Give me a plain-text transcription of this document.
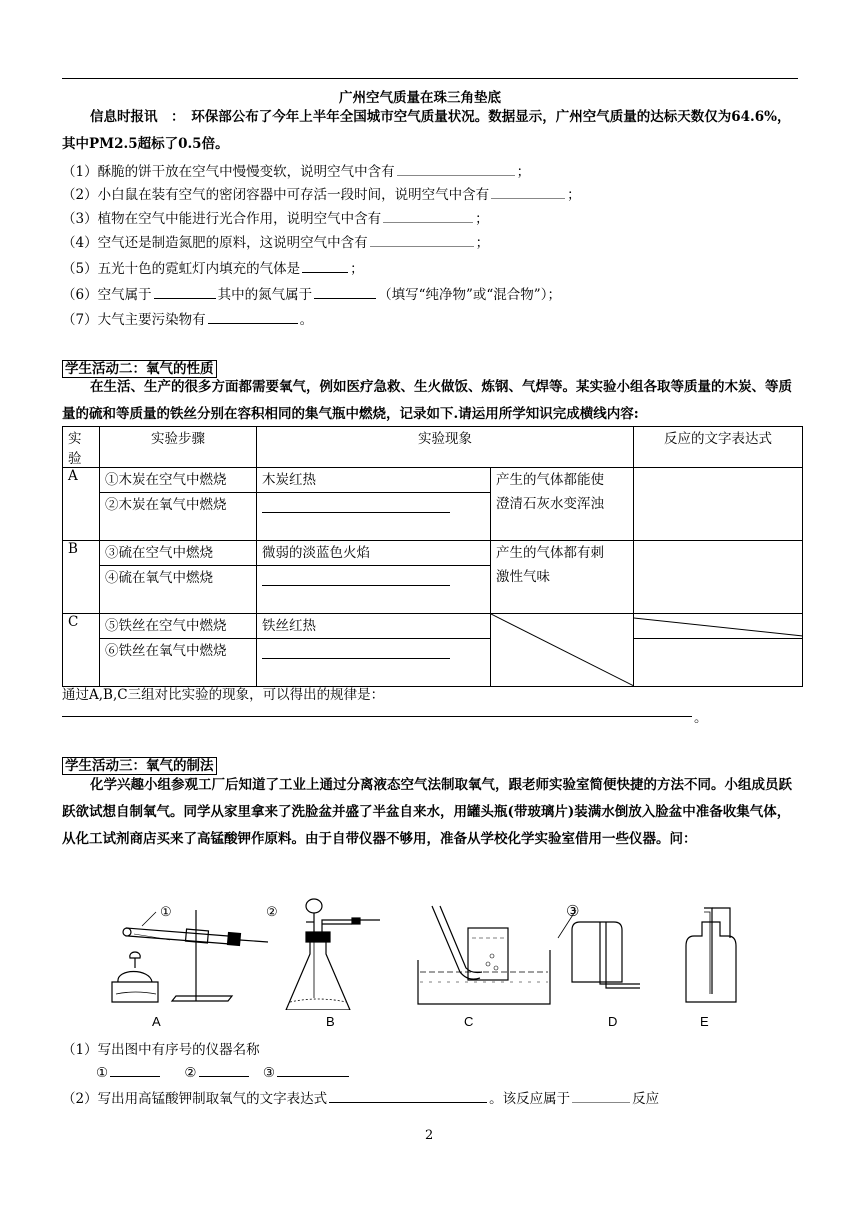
广州空气质量在珠三角垫底
信息时报讯　：　环保部公布了今年上半年全国城市空气质量状况。数据显示，广州空气质量的达标天数仅为64.6%，其中PM2.5超标了0.5倍。
（1）酥脆的饼干放在空气中慢慢变软，说明空气中含有	；
（2）小白鼠在装有空气的密闭容器中可存活一段时间，说明空气中含有	；
（3）植物在空气中能进行光合作用，说明空气中含有	；
（4）空气还是制造氮肥的原料，这说明空气中含有	；
（5）五光十色的霓虹灯内填充的气体是	；
（6）空气属于	其中的氮气属于	（填写“纯净物”或“混合物”）；
（7）大气主要污染物有	。
学生活动二：氧气的性质
在生活、生产的很多方面都需要氧气，例如医疗急救、生火做饭、炼钢、气焊等。某实验小组各取等质量的木炭、等质量的硫和等质量的铁丝分别在容积相同的集气瓶中燃烧，记录如下.请运用所学知识完成横线内容:
实验	实验步骤	实验现象		反应的文字表达式
A	①木炭在空气中燃烧	木炭红热	产生的气体都能使
澄清石灰水变浑浊	
	②木炭在氧气中燃烧			
B	③硫在空气中燃烧	微弱的淡蓝色火焰	产生的气体都有刺
激性气味	
	④硫在氧气中燃烧			
C	⑤铁丝在空气中燃烧	铁丝红热	

	⑥铁丝在氧气中燃烧			
通过A,B,C三组对比实验的现象，可以得出的规律是：
。
学生活动三：氧气的制法
化学兴趣小组参观工厂后知道了工业上通过分离液态空气法制取氧气，跟老师实验室简便快捷的方法不同。小组成员跃跃欲试想自制氧气。同学从家里拿来了洗脸盆并盛了半盆自来水，用罐头瓶(带玻璃片)装满水倒放入脸盆中准备收集气体，从化工试剂商店买来了高锰酸钾作原料。由于自带仪器不够用，准备从学校化学实验室借用一些仪器。问：
①	②	③
A	B	C	D	E
（1）写出图中有序号的仪器名称
①	②	③
（2）写出用高锰酸钾制取氧气的文字表达式	。该反应属于	反应
2
